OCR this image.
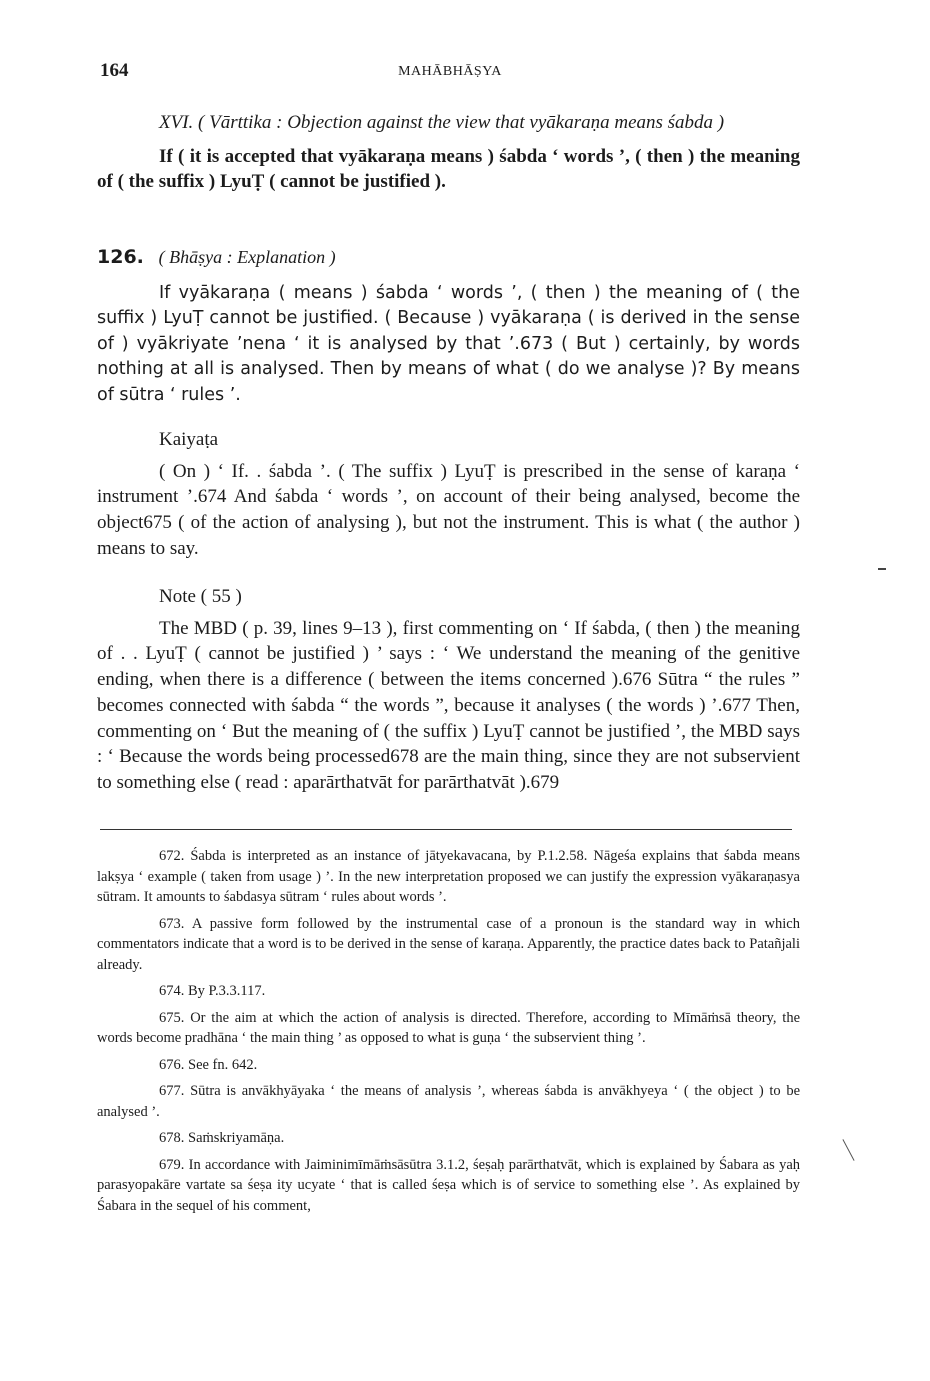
164	MAHĀBHĀṢYA

XVI. ( Vārttika : Objection against the view that vyākaraṇa means śabda )

If ( it is accepted that vyākaraṇa means ) śabda ‘ words ’, ( then ) the meaning of ( the suffix ) LyuṬ ( cannot be justified ).

126. ( Bhāṣya : Explanation )

If vyākaraṇa ( means ) śabda ‘ words ’, ( then ) the meaning of ( the suffix ) LyuṬ cannot be justified. ( Because ) vyākaraṇa ( is derived in the sense of ) vyākriyate ’nena ‘ it is analysed by that ’.673 ( But ) certainly, by words nothing at all is analysed. Then by means of what ( do we analyse )? By means of sūtra ‘ rules ’.

Kaiyaṭa

( On ) ‘ If. . śabda ’. ( The suffix ) LyuṬ is prescribed in the sense of karaṇa ‘ instrument ’.674 And śabda ‘ words ’, on account of their being analysed, become the object675 ( of the action of analysing ), but not the instrument. This is what ( the author ) means to say.

Note ( 55 )

The MBD ( p. 39, lines 9–13 ), first commenting on ‘ If śabda, ( then ) the meaning of . . LyuṬ ( cannot be justified ) ’ says : ‘ We understand the meaning of the genitive ending, when there is a difference ( between the items concerned ).676 Sūtra “ the rules ” becomes connected with śabda “ the words ”, because it analyses ( the words ) ’.677 Then, commenting on ‘ But the meaning of ( the suffix ) LyuṬ cannot be justified ’, the MBD says : ‘ Because the words being processed678 are the main thing, since they are not subservient to something else ( read : aparārthatvāt for parārthatvāt ).679

672. Śabda is interpreted as an instance of jātyekavacana, by P.1.2.58. Nāgeśa explains that śabda means lakṣya ‘ example ( taken from usage ) ’. In the new interpretation proposed we can justify the expression vyākaraṇasya sūtram. It amounts to śabdasya sūtram ‘ rules about words ’.

673. A passive form followed by the instrumental case of a pronoun is the standard way in which commentators indicate that a word is to be derived in the sense of karaṇa. Apparently, the practice dates back to Patañjali already.

674. By P.3.3.117.

675. Or the aim at which the action of analysis is directed. Therefore, according to Mīmāṁsā theory, the words become pradhāna ‘ the main thing ’ as opposed to what is guṇa ‘ the subservient thing ’.

676. See fn. 642.

677. Sūtra is anvākhyāyaka ‘ the means of analysis ’, whereas śabda is anvākhyeya ‘ ( the object ) to be analysed ’.

678. Saṁskriyamāṇa.

679. In accordance with Jaiminimīmāṁsāsūtra 3.1.2, śeṣaḥ parārthatvāt, which is explained by Śabara as yaḥ parasyopakāre vartate sa śeṣa ity ucyate ‘ that is called śeṣa which is of service to something else ’. As explained by Śabara in the sequel of his comment,
